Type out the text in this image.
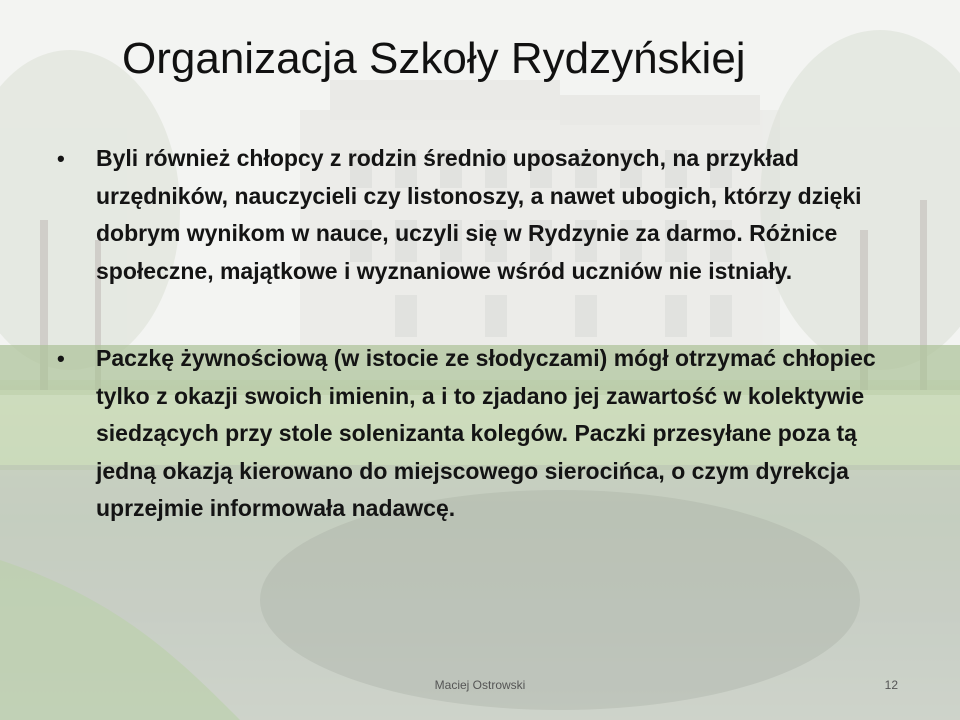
Organizacja Szkoły Rydzyńskiej
• Byli również chłopcy z rodzin średnio uposażonych, na przykład urzędników, nauczycieli czy listonoszy, a nawet ubogich, którzy dzięki dobrym wynikom w nauce, uczyli się w Rydzynie za darmo. Różnice społeczne, majątkowe i wyznaniowe wśród uczniów nie istniały.
• Paczkę żywnościową (w istocie ze słodyczami) mógł otrzymać chłopiec tylko z okazji swoich imienin, a i to zjadano jej zawartość w kolektywie siedzących przy stole solenizanta kolegów. Paczki przesyłane poza tą jedną okazją kierowano do miejscowego sierocińca, o czym dyrekcja uprzejmie informowała nadawcę.
Maciej Ostrowski	12
